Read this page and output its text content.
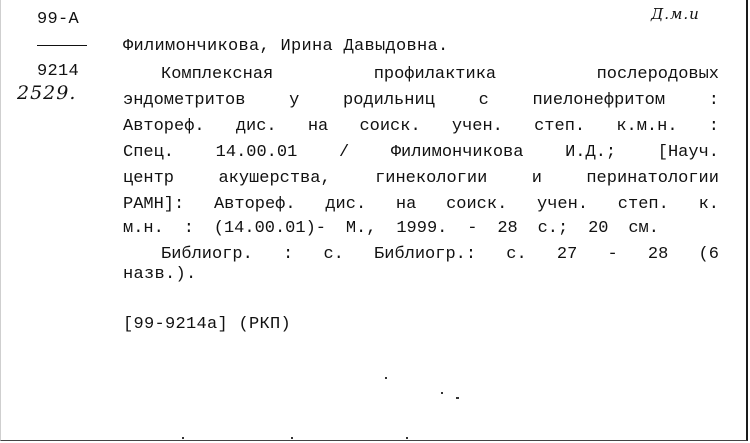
99-А
9214
Д.м.и
2529.
Филимончикова, Ирина Давыдовна.
Комплексная	профилактика	послеродовых
эндометритов	у	родильниц	с	пиелонефритом	:
Автореф. дис. на соиск. учен. степ. к.м.н. :
Спец. 14.00.01 / Филимончикова И.Д.; [Науч.
центр	акушерства,	гинекологии	и	перинатологии
РАМН]: Автореф. дис. на соиск. учен. степ. к.
м.н. : (14.00.01)- М., 1999. - 28 с.; 20 см.
Библиогр. : с. Библиогр.: с. 27 - 28 (6
назв.).
[99-9214а] (РКП)
